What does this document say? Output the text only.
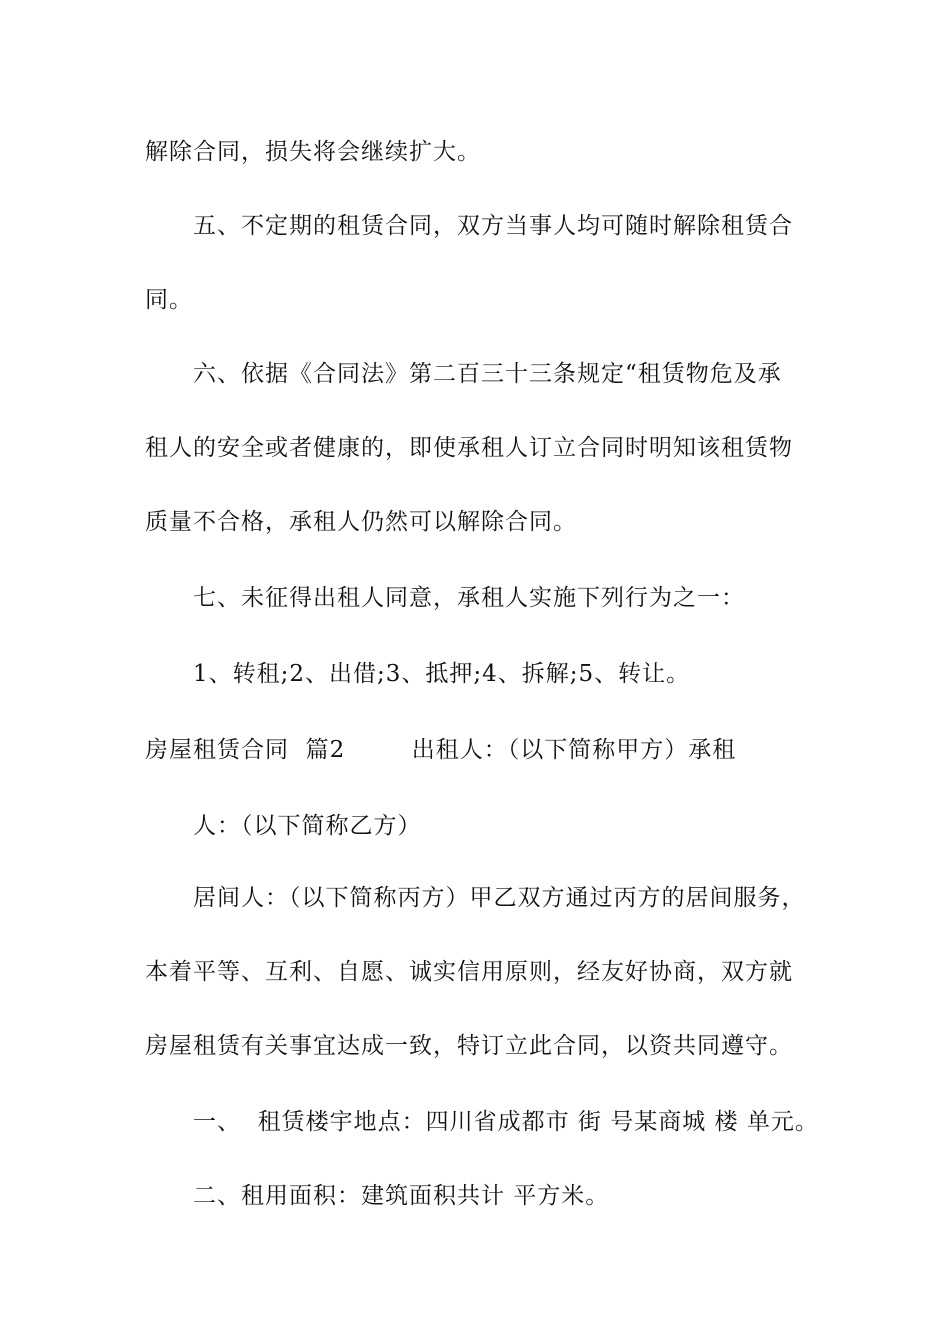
解除合同，损失将会继续扩大。
五、不定期的租赁合同，双方当事人均可随时解除租赁合
同。
六、依据《合同法》第二百三十三条规定“租赁物危及承
租人的安全或者健康的，即使承租人订立合同时明知该租赁物
质量不合格，承租人仍然可以解除合同。
七、未征得出租人同意，承租人实施下列行为之一：
1、转租;2、出借;3、抵押;4、拆解;5、转让。
房屋租赁合同  篇2        出租人：（以下简称甲方）承租
人：（以下简称乙方）
居间人：（以下简称丙方）甲乙双方通过丙方的居间服务，
本着平等、互利、自愿、诚实信用原则，经友好协商，双方就
房屋租赁有关事宜达成一致，特订立此合同，以资共同遵守。
一、  租赁楼宇地点：四川省成都市 街 号某商城 楼 单元。
二、租用面积：建筑面积共计 平方米。
